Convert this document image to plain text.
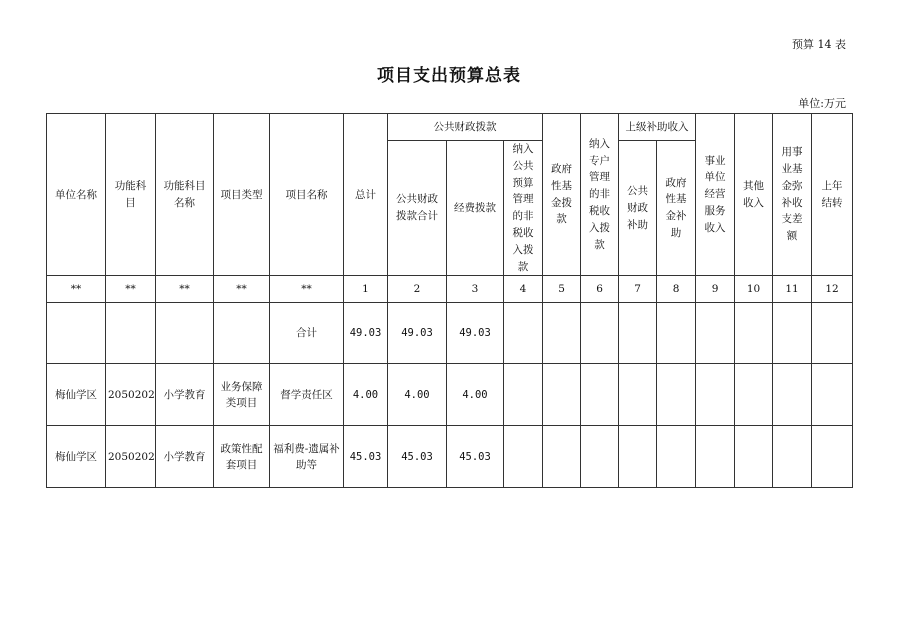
预算 14 表
项目支出预算总表
单位:万元
单位名称	功能科目	功能科目名称	项目类型	项目名称	总计	公共财政拨款			政府性基金拨款	纳入专户管理的非税收入拨款	上级补助收入		事业单位经营服务收入	其他收入	用事业基金弥补收支差额	上年结转
						公共财政拨款合计	经费拨款	纳入公共预算管理的非税收入拨款			公共财政补助	政府性基金补助				
**	**	**	**	**	1	2	3	4	5	6	7	8	9	10	11	12
				合计	49.03	49.03	49.03									
梅仙学区	2050202	小学教育	业务保障类项目	督学责任区	4.00	4.00	4.00									
梅仙学区	2050202	小学教育	政策性配套项目	福利费-遗属补助等	45.03	45.03	45.03									
